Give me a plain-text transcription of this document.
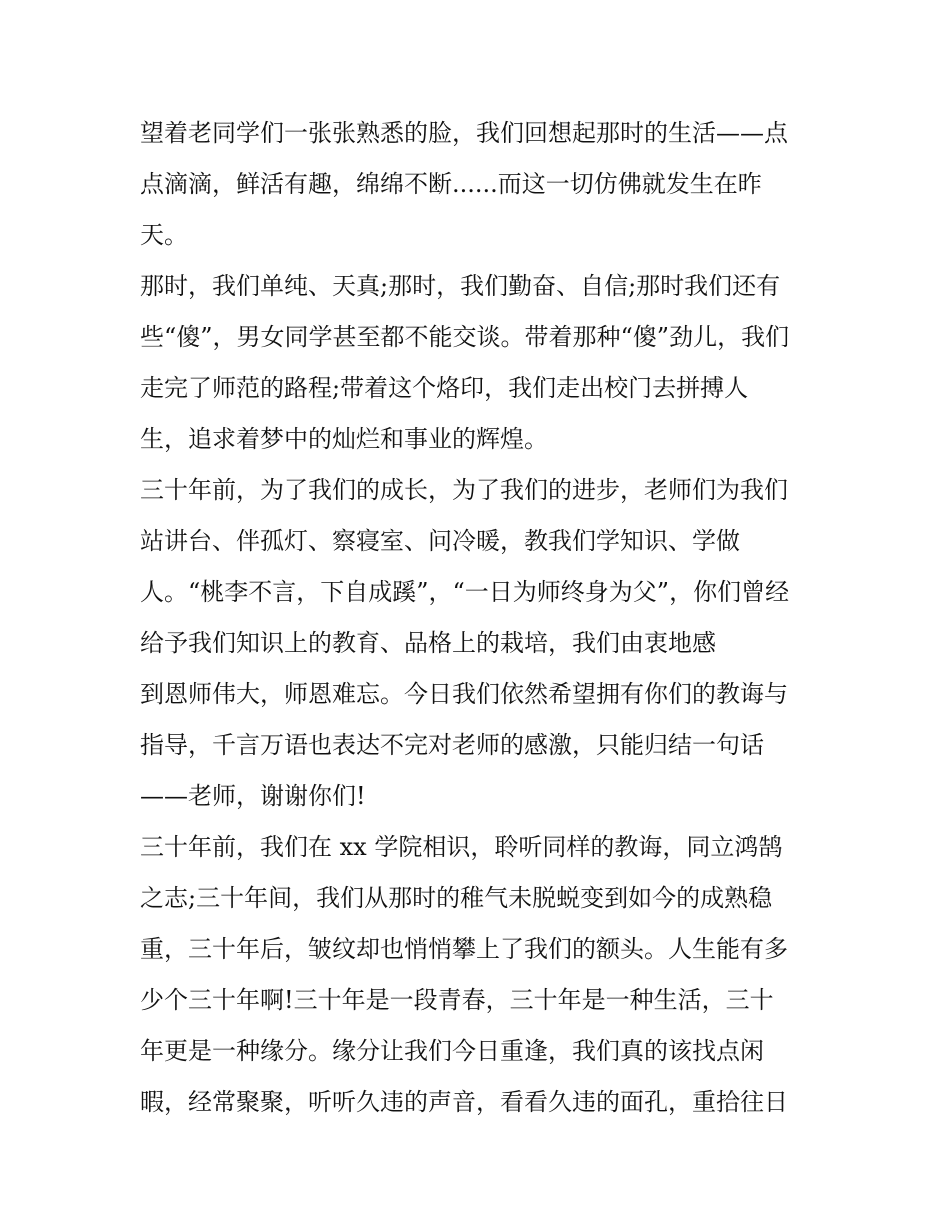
望着老同学们一张张熟悉的脸，我们回想起那时的生活——点
点滴滴，鲜活有趣，绵绵不断......而这一切仿佛就发生在昨
天。
那时，我们单纯、天真;那时，我们勤奋、自信;那时我们还有
些“傻”，男女同学甚至都不能交谈。带着那种“傻”劲儿，我们
走完了师范的路程;带着这个烙印，我们走出校门去拼搏人
生，追求着梦中的灿烂和事业的辉煌。
三十年前，为了我们的成长，为了我们的进步，老师们为我们
站讲台、伴孤灯、察寝室、问冷暖，教我们学知识、学做
人。“桃李不言，下自成蹊”，“一日为师终身为父”，你们曾经
给予我们知识上的教育、品格上的栽培，我们由衷地感
到恩师伟大，师恩难忘。今日我们依然希望拥有你们的教诲与
指导，千言万语也表达不完对老师的感激，只能归结一句话
——老师，谢谢你们!
三十年前，我们在 xx 学院相识，聆听同样的教诲，同立鸿鹄
之志;三十年间，我们从那时的稚气未脱蜕变到如今的成熟稳
重，三十年后，皱纹却也悄悄攀上了我们的额头。人生能有多
少个三十年啊!三十年是一段青春，三十年是一种生活，三十
年更是一种缘分。缘分让我们今日重逢，我们真的该找点闲
暇，经常聚聚，听听久违的声音，看看久违的面孔，重拾往日
